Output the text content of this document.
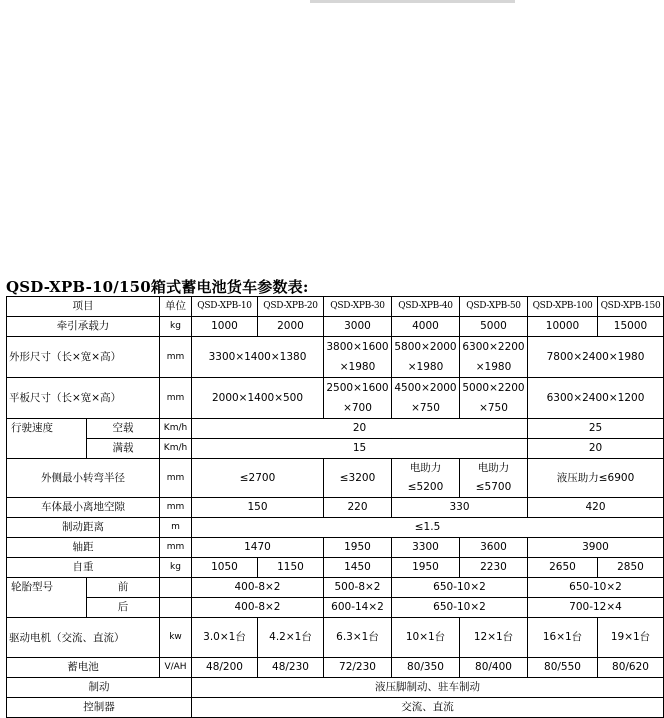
QSD-XPB-10/150箱式蓄电池货车参数表:
项目		单位	QSD-XPB-10	QSD-XPB-20	QSD-XPB-30	QSD-XPB-40	QSD-XPB-50	QSD-XPB-100	QSD-XPB-150
牵引承载力		kg	1000	2000	3000	4000	5000	10000	15000
外形尺寸（长×宽×高）		mm	3300×1400×1380		3800×1600×1980	5800×2000×1980	6300×2200×1980	7800×2400×1980	
平板尺寸（长×宽×高）		mm	2000×1400×500		2500×1600×700	4500×2000×750	5000×2200×750	6300×2400×1200	
行驶速度	空载	Km/h	20					25	
	满载	Km/h	15					20	
外侧最小转弯半径		mm	≤2700		≤3200	电助力≤5200	电助力≤5700	液压助力≤6900	
车体最小离地空隙		mm	150		220	330		420	
制动距离		m	≤1.5						
轴距		mm	1470		1950	3300	3600	3900	
自重		kg	1050	1150	1450	1950	2230	2650	2850
轮胎型号	前		400-8×2		500-8×2	650-10×2		650-10×2	
	后		400-8×2		600-14×2	650-10×2		700-12×4	
驱动电机（交流、直流）		kw	3.0×1台	4.2×1台	6.3×1台	10×1台	12×1台	16×1台	19×1台
蓄电池		V/AH	48/200	48/230	72/230	80/350	80/400	80/550	80/620
制动			液压脚制动、驻车制动						
控制器			交流、直流						
